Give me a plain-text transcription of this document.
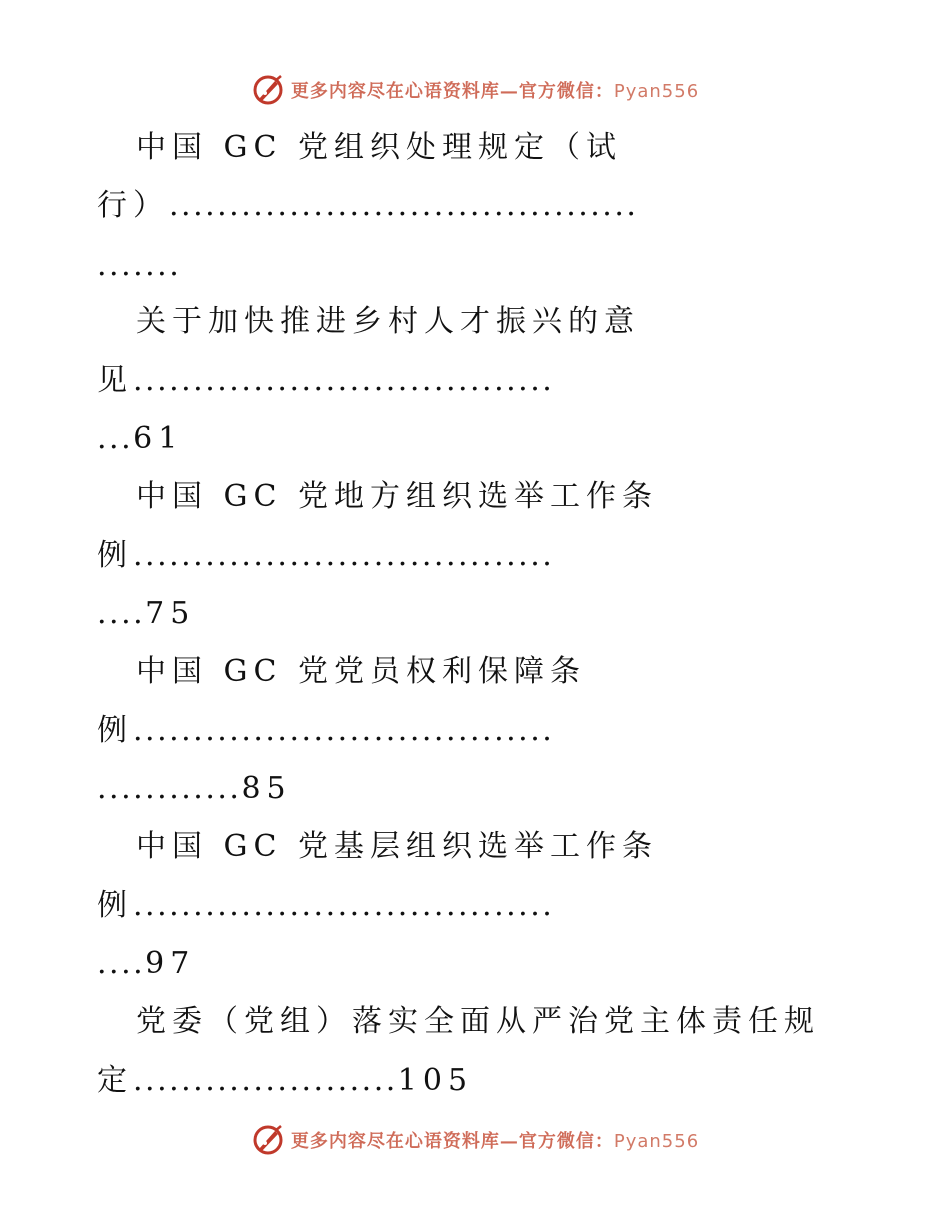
更多内容尽在心语资料库—官方微信：Pyan556
中国 GC 党组织处理规定（试
行）.......................................
.......
关于加快推进乡村人才振兴的意
见...................................
...61
中国 GC 党地方组织选举工作条
例...................................
....75
中国 GC 党党员权利保障条
例...................................
............85
中国 GC 党基层组织选举工作条
例...................................
....97
党委（党组）落实全面从严治党主体责任规
定......................105
更多内容尽在心语资料库—官方微信：Pyan556
